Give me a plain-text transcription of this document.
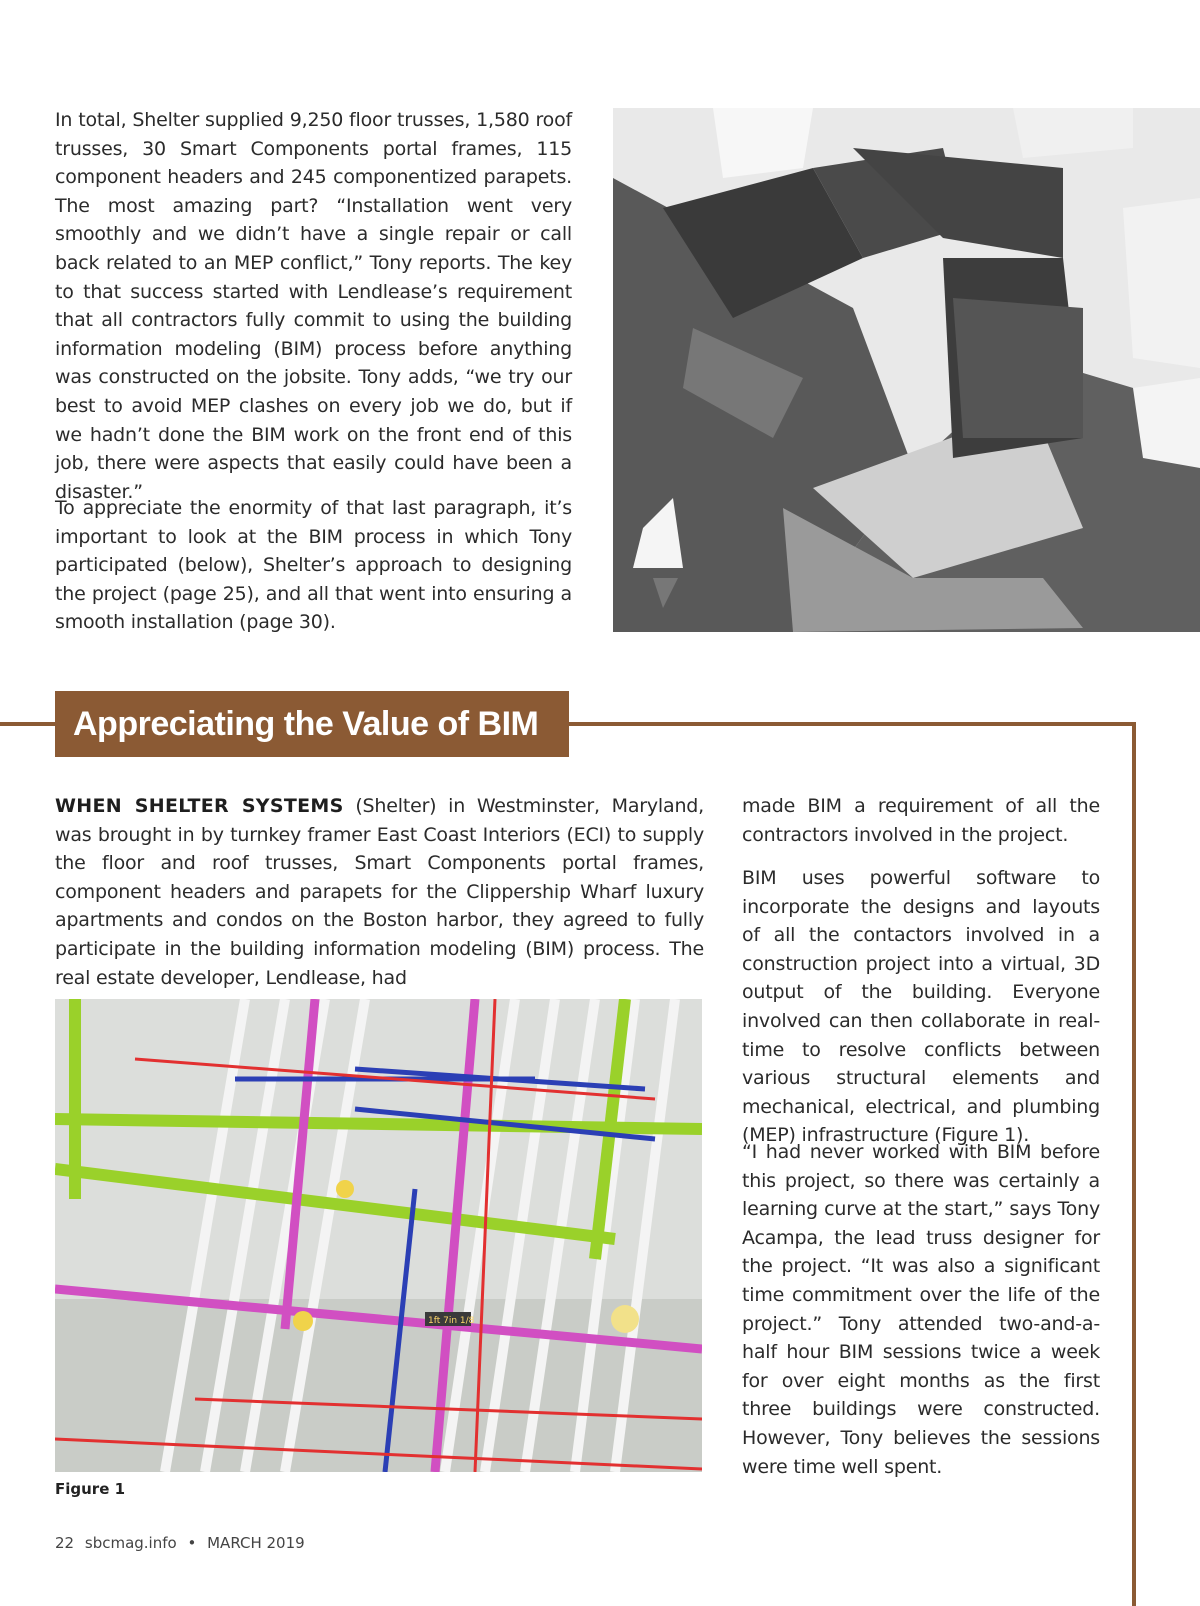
In total, Shelter supplied 9,250 floor trusses, 1,580 roof trusses, 30 Smart Components portal frames, 115 component headers and 245 componentized parapets. The most amazing part? “Installation went very smoothly and we didn’t have a single repair or call back related to an MEP conflict,” Tony reports. The key to that success started with Lendlease’s requirement that all contractors fully commit to using the building information modeling (BIM) process before anything was constructed on the jobsite. Tony adds, “we try our best to avoid MEP clashes on every job we do, but if we hadn’t done the BIM work on the front end of this job, there were aspects that easily could have been a disaster.”

To appreciate the enormity of that last paragraph, it’s important to look at the BIM process in which Tony participated (below), Shelter’s approach to designing the project (page 25), and all that went into ensuring a smooth installation (page 30).

Appreciating the Value of BIM

WHEN SHELTER SYSTEMS (Shelter) in Westminster, Maryland, was brought in by turnkey framer East Coast Interiors (ECI) to supply the floor and roof trusses, Smart Components portal frames, component headers and parapets for the Clippership Wharf luxury apartments and condos on the Boston harbor, they agreed to fully participate in the building information modeling (BIM) process. The real estate developer, Lendlease, had

made BIM a requirement of all the contractors involved in the project.

BIM uses powerful software to incorporate the designs and layouts of all the contactors involved in a construction project into a virtual, 3D output of the building. Everyone involved can then collaborate in real-time to resolve conflicts between various structural elements and mechanical, electrical, and plumbing (MEP) infrastructure (Figure 1).

“I had never worked with BIM before this project, so there was certainly a learning curve at the start,” says Tony Acampa, the lead truss designer for the project. “It was also a significant time commitment over the life of the project.” Tony attended two-and-a-half hour BIM sessions twice a week for over eight months as the first three buildings were constructed. However, Tony believes the sessions were time well spent.

1ft 7in 1/8
Figure 1
22 sbcmag.info • MARCH 2019
